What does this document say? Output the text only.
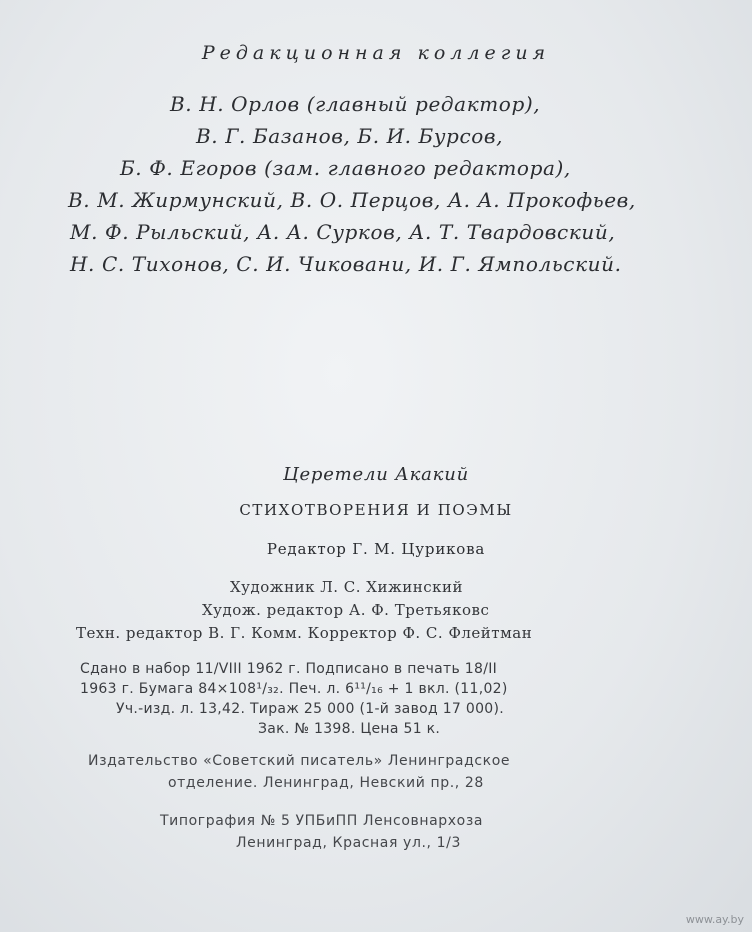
Редакционная коллегия
В. Н. Орлов (главный редактор),
В. Г. Базанов, Б. И. Бурсов,
Б. Ф. Егоров (зам. главного редактора),
В. М. Жирмунский, В. О. Перцов, А. А. Прокофьев,
М. Ф. Рыльский, А. А. Сурков, А. Т. Твардовский,
Н. С. Тихонов, С. И. Чиковани, И. Г. Ямпольский.
Церетели Акакий
СТИХОТВОРЕНИЯ И ПОЭМЫ
Редактор Г. М. Цурикова
Художник Л. С. Хижинский
Худож. редактор А. Ф. Третьяковс
Техн. редактор В. Г. Комм. Корректор Ф. С. Флейтман
Сдано в набор 11/VIII 1962 г. Подписано в печать 18/II
1963 г. Бумага 84×108¹/₃₂. Печ. л. 6¹¹/₁₆ + 1 вкл. (11,02)
Уч.-изд. л. 13,42. Тираж 25 000 (1-й завод 17 000).
Зак. № 1398. Цена 51 к.
Издательство «Советский писатель» Ленинградское
отделение. Ленинград, Невский пр., 28
Типография № 5 УПБиПП Ленсовнархоза
Ленинград, Красная ул., 1/3
www.ay.by
